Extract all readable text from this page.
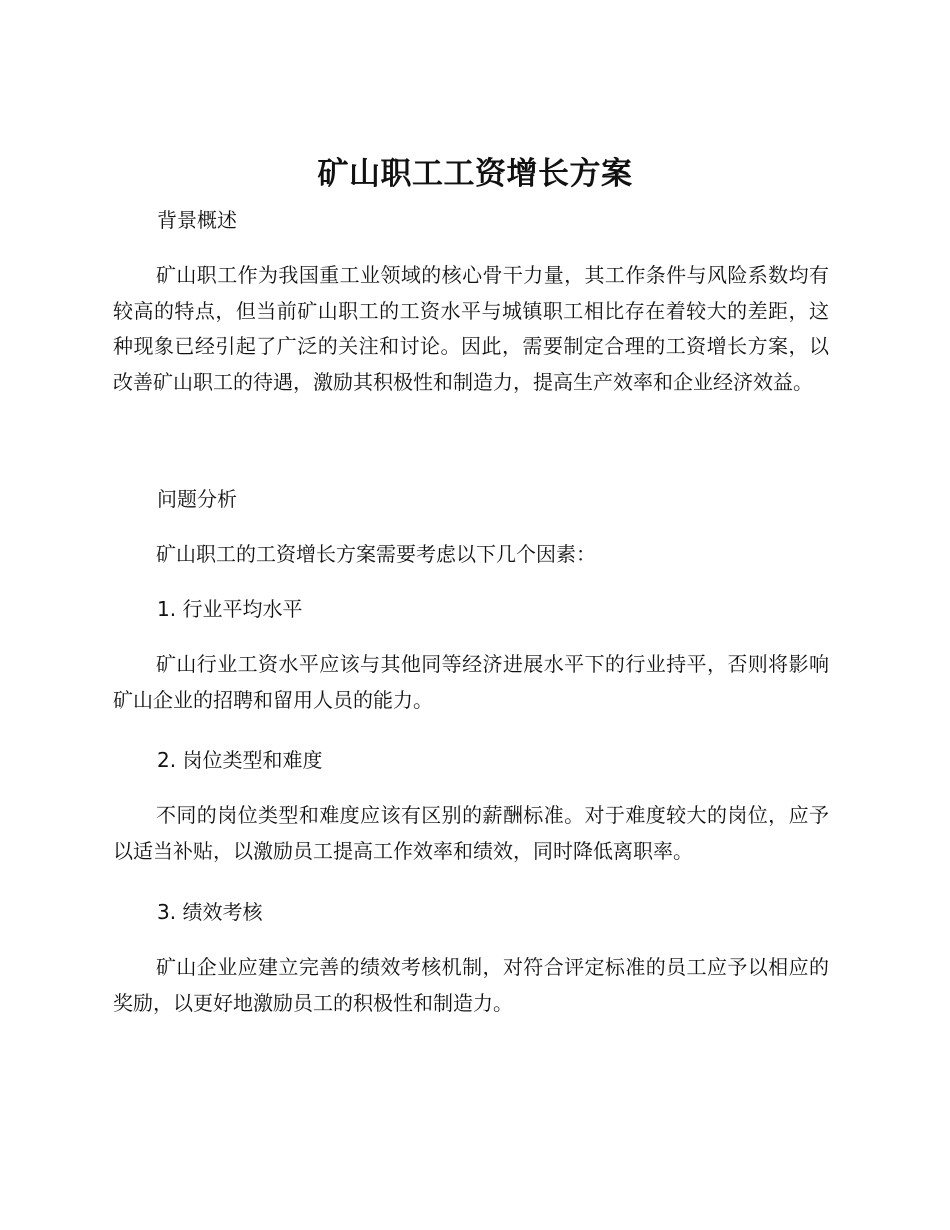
矿山职工工资增长方案
背景概述

矿山职工作为我国重工业领域的核心骨干力量，其工作条件与风险系数均有较高的特点，但当前矿山职工的工资水平与城镇职工相比存在着较大的差距，这种现象已经引起了广泛的关注和讨论。因此，需要制定合理的工资增长方案，以改善矿山职工的待遇，激励其积极性和制造力，提高生产效率和企业经济效益。

问题分析

矿山职工的工资增长方案需要考虑以下几个因素：

1. 行业平均水平

矿山行业工资水平应该与其他同等经济进展水平下的行业持平，否则将影响矿山企业的招聘和留用人员的能力。

2. 岗位类型和难度

不同的岗位类型和难度应该有区别的薪酬标准。对于难度较大的岗位，应予以适当补贴，以激励员工提高工作效率和绩效，同时降低离职率。

3. 绩效考核

矿山企业应建立完善的绩效考核机制，对符合评定标准的员工应予以相应的奖励，以更好地激励员工的积极性和制造力。
